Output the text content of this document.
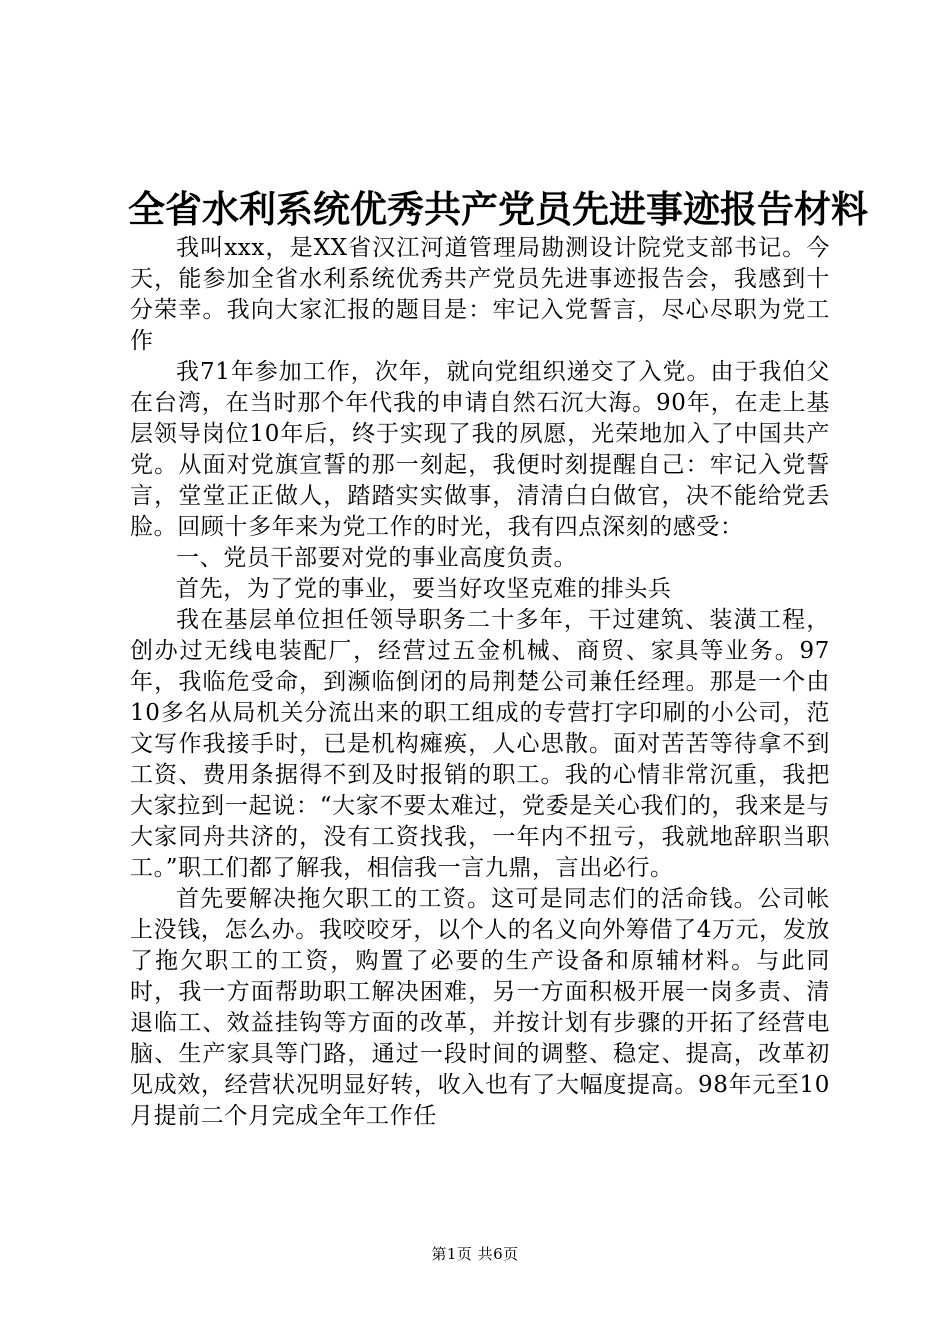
全省水利系统优秀共产党员先进事迹报告材料

我叫xxx，是XX省汉江河道管理局勘测设计院党支部书记。今天，能参加全省水利系统优秀共产党员先进事迹报告会，我感到十分荣幸。我向大家汇报的题目是：牢记入党誓言，尽心尽职为党工作

我71年参加工作，次年，就向党组织递交了入党。由于我伯父在台湾，在当时那个年代我的申请自然石沉大海。90年，在走上基层领导岗位10年后，终于实现了我的夙愿，光荣地加入了中国共产党。从面对党旗宣誓的那一刻起，我便时刻提醒自己：牢记入党誓言，堂堂正正做人，踏踏实实做事，清清白白做官，决不能给党丢脸。回顾十多年来为党工作的时光，我有四点深刻的感受：

一、党员干部要对党的事业高度负责。

首先，为了党的事业，要当好攻坚克难的排头兵

我在基层单位担任领导职务二十多年，干过建筑、装潢工程，创办过无线电装配厂，经营过五金机械、商贸、家具等业务。97年，我临危受命，到濒临倒闭的局荆楚公司兼任经理。那是一个由10多名从局机关分流出来的职工组成的专营打字印刷的小公司，范文写作我接手时，已是机构瘫痪，人心思散。面对苦苦等待拿不到工资、费用条据得不到及时报销的职工。我的心情非常沉重，我把大家拉到一起说：“大家不要太难过，党委是关心我们的，我来是与大家同舟共济的，没有工资找我，一年内不扭亏，我就地辞职当职工。”职工们都了解我，相信我一言九鼎，言出必行。

首先要解决拖欠职工的工资。这可是同志们的活命钱。公司帐上没钱，怎么办。我咬咬牙，以个人的名义向外筹借了4万元，发放了拖欠职工的工资，购置了必要的生产设备和原辅材料。与此同时，我一方面帮助职工解决困难，另一方面积极开展一岗多责、清退临工、效益挂钩等方面的改革，并按计划有步骤的开拓了经营电脑、生产家具等门路，通过一段时间的调整、稳定、提高，改革初见成效，经营状况明显好转，收入也有了大幅度提高。98年元至10月提前二个月完成全年工作任

第1页 共6页
